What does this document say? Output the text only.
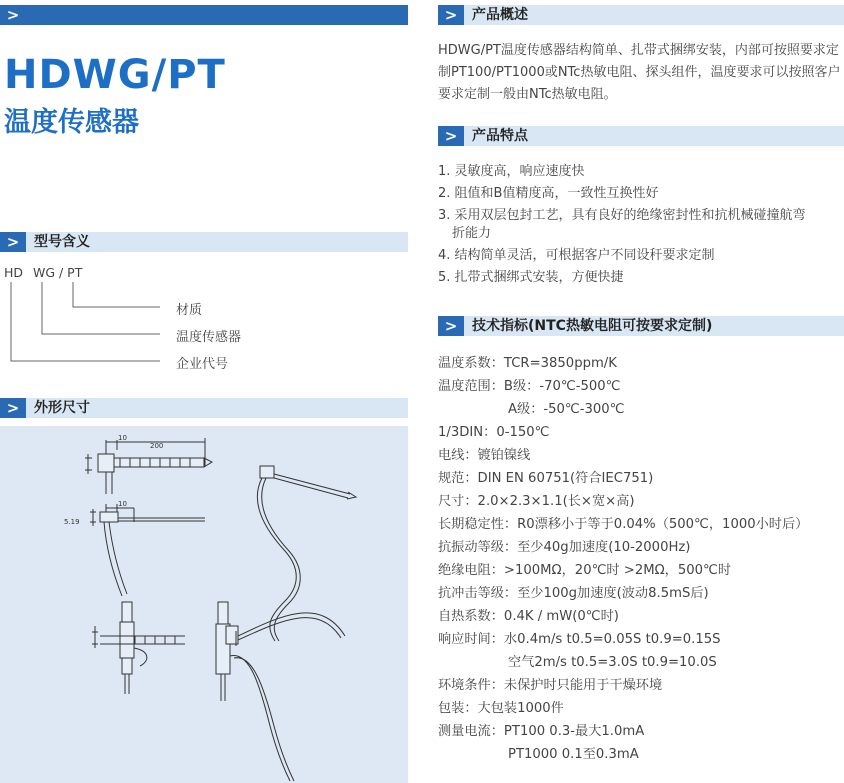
>
HDWG/PT
温度传感器
>	型号含义
HD WG / PT
材质
温度传感器
企业代号
>	外形尺寸
10
200
10
5.19
>	产品概述
HDWG/PT温度传感器结构简单、扎带式捆绑安装，内部可按照要求定制PT100/PT1000或NTc热敏电阻、探头组件，温度要求可以按照客户要求定制一般由NTc热敏电阻。
>	产品特点
1. 灵敏度高，响应速度快
2. 阻值和B值精度高，一致性互换性好
3. 采用双层包封工艺，具有良好的绝缘密封性和抗机械碰撞航弯
折能力
4. 结构简单灵活，可根据客户不同设秆要求定制
5. 扎带式捆绑式安装，方便快捷
>	技术指标(NTC热敏电阻可按要求定制)
温度系数：TCR=3850ppm/K
温度范围：B级：-70℃-500℃
A级：-50℃-300℃
1/3DIN：0-150℃
电线：镀铂镍线
规范：DIN EN 60751(符合IEC751)
尺寸：2.0×2.3×1.1(长×宽×高)
长期稳定性：R0漂移小于等于0.04%（500℃，1000小时后）
抗振动等级：至少40g加速度(10-2000Hz)
绝缘电阻：>100MΩ，20℃时 >2MΩ，500℃时
抗冲击等级：至少100g加速度(波动8.5mS后)
自热系数：0.4K / mW(0℃时)
响应时间：水0.4m/s t0.5=0.05S t0.9=0.15S
空气2m/s t0.5=3.0S t0.9=10.0S
环境条件：未保护时只能用于干燥环境
包装：大包装1000件
测量电流：PT100 0.3-最大1.0mA
PT1000 0.1至0.3mA
